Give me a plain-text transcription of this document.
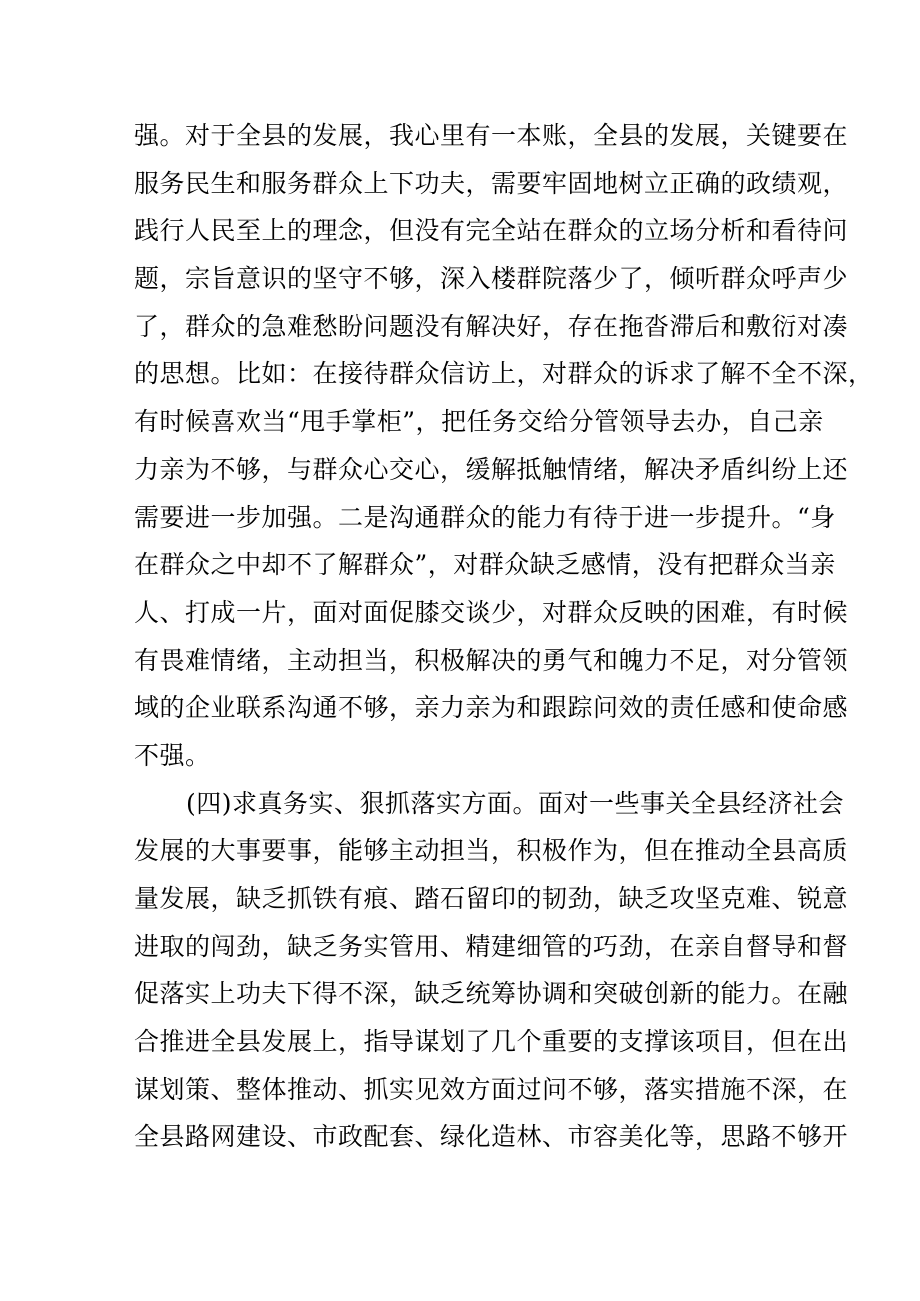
强。对于全县的发展，我心里有一本账，全县的发展，关键要在
服务民生和服务群众上下功夫，需要牢固地树立正确的政绩观，
践行人民至上的理念，但没有完全站在群众的立场分析和看待问
题，宗旨意识的坚守不够，深入楼群院落少了，倾听群众呼声少
了，群众的急难愁盼问题没有解决好，存在拖沓滞后和敷衍对凑
的思想。比如：在接待群众信访上，对群众的诉求了解不全不深，
有时候喜欢当“甩手掌柜”，把任务交给分管领导去办，自己亲
力亲为不够，与群众心交心，缓解抵触情绪，解决矛盾纠纷上还
需要进一步加强。二是沟通群众的能力有待于进一步提升。“身
在群众之中却不了解群众”，对群众缺乏感情，没有把群众当亲
人、打成一片，面对面促膝交谈少，对群众反映的困难，有时候
有畏难情绪，主动担当，积极解决的勇气和魄力不足，对分管领
域的企业联系沟通不够，亲力亲为和跟踪问效的责任感和使命感
不强。
(四)求真务实、狠抓落实方面。面对一些事关全县经济社会
发展的大事要事，能够主动担当，积极作为，但在推动全县高质
量发展，缺乏抓铁有痕、踏石留印的韧劲，缺乏攻坚克难、锐意
进取的闯劲，缺乏务实管用、精建细管的巧劲，在亲自督导和督
促落实上功夫下得不深，缺乏统筹协调和突破创新的能力。在融
合推进全县发展上，指导谋划了几个重要的支撑该项目，但在出
谋划策、整体推动、抓实见效方面过问不够，落实措施不深，在
全县路网建设、市政配套、绿化造林、市容美化等，思路不够开
